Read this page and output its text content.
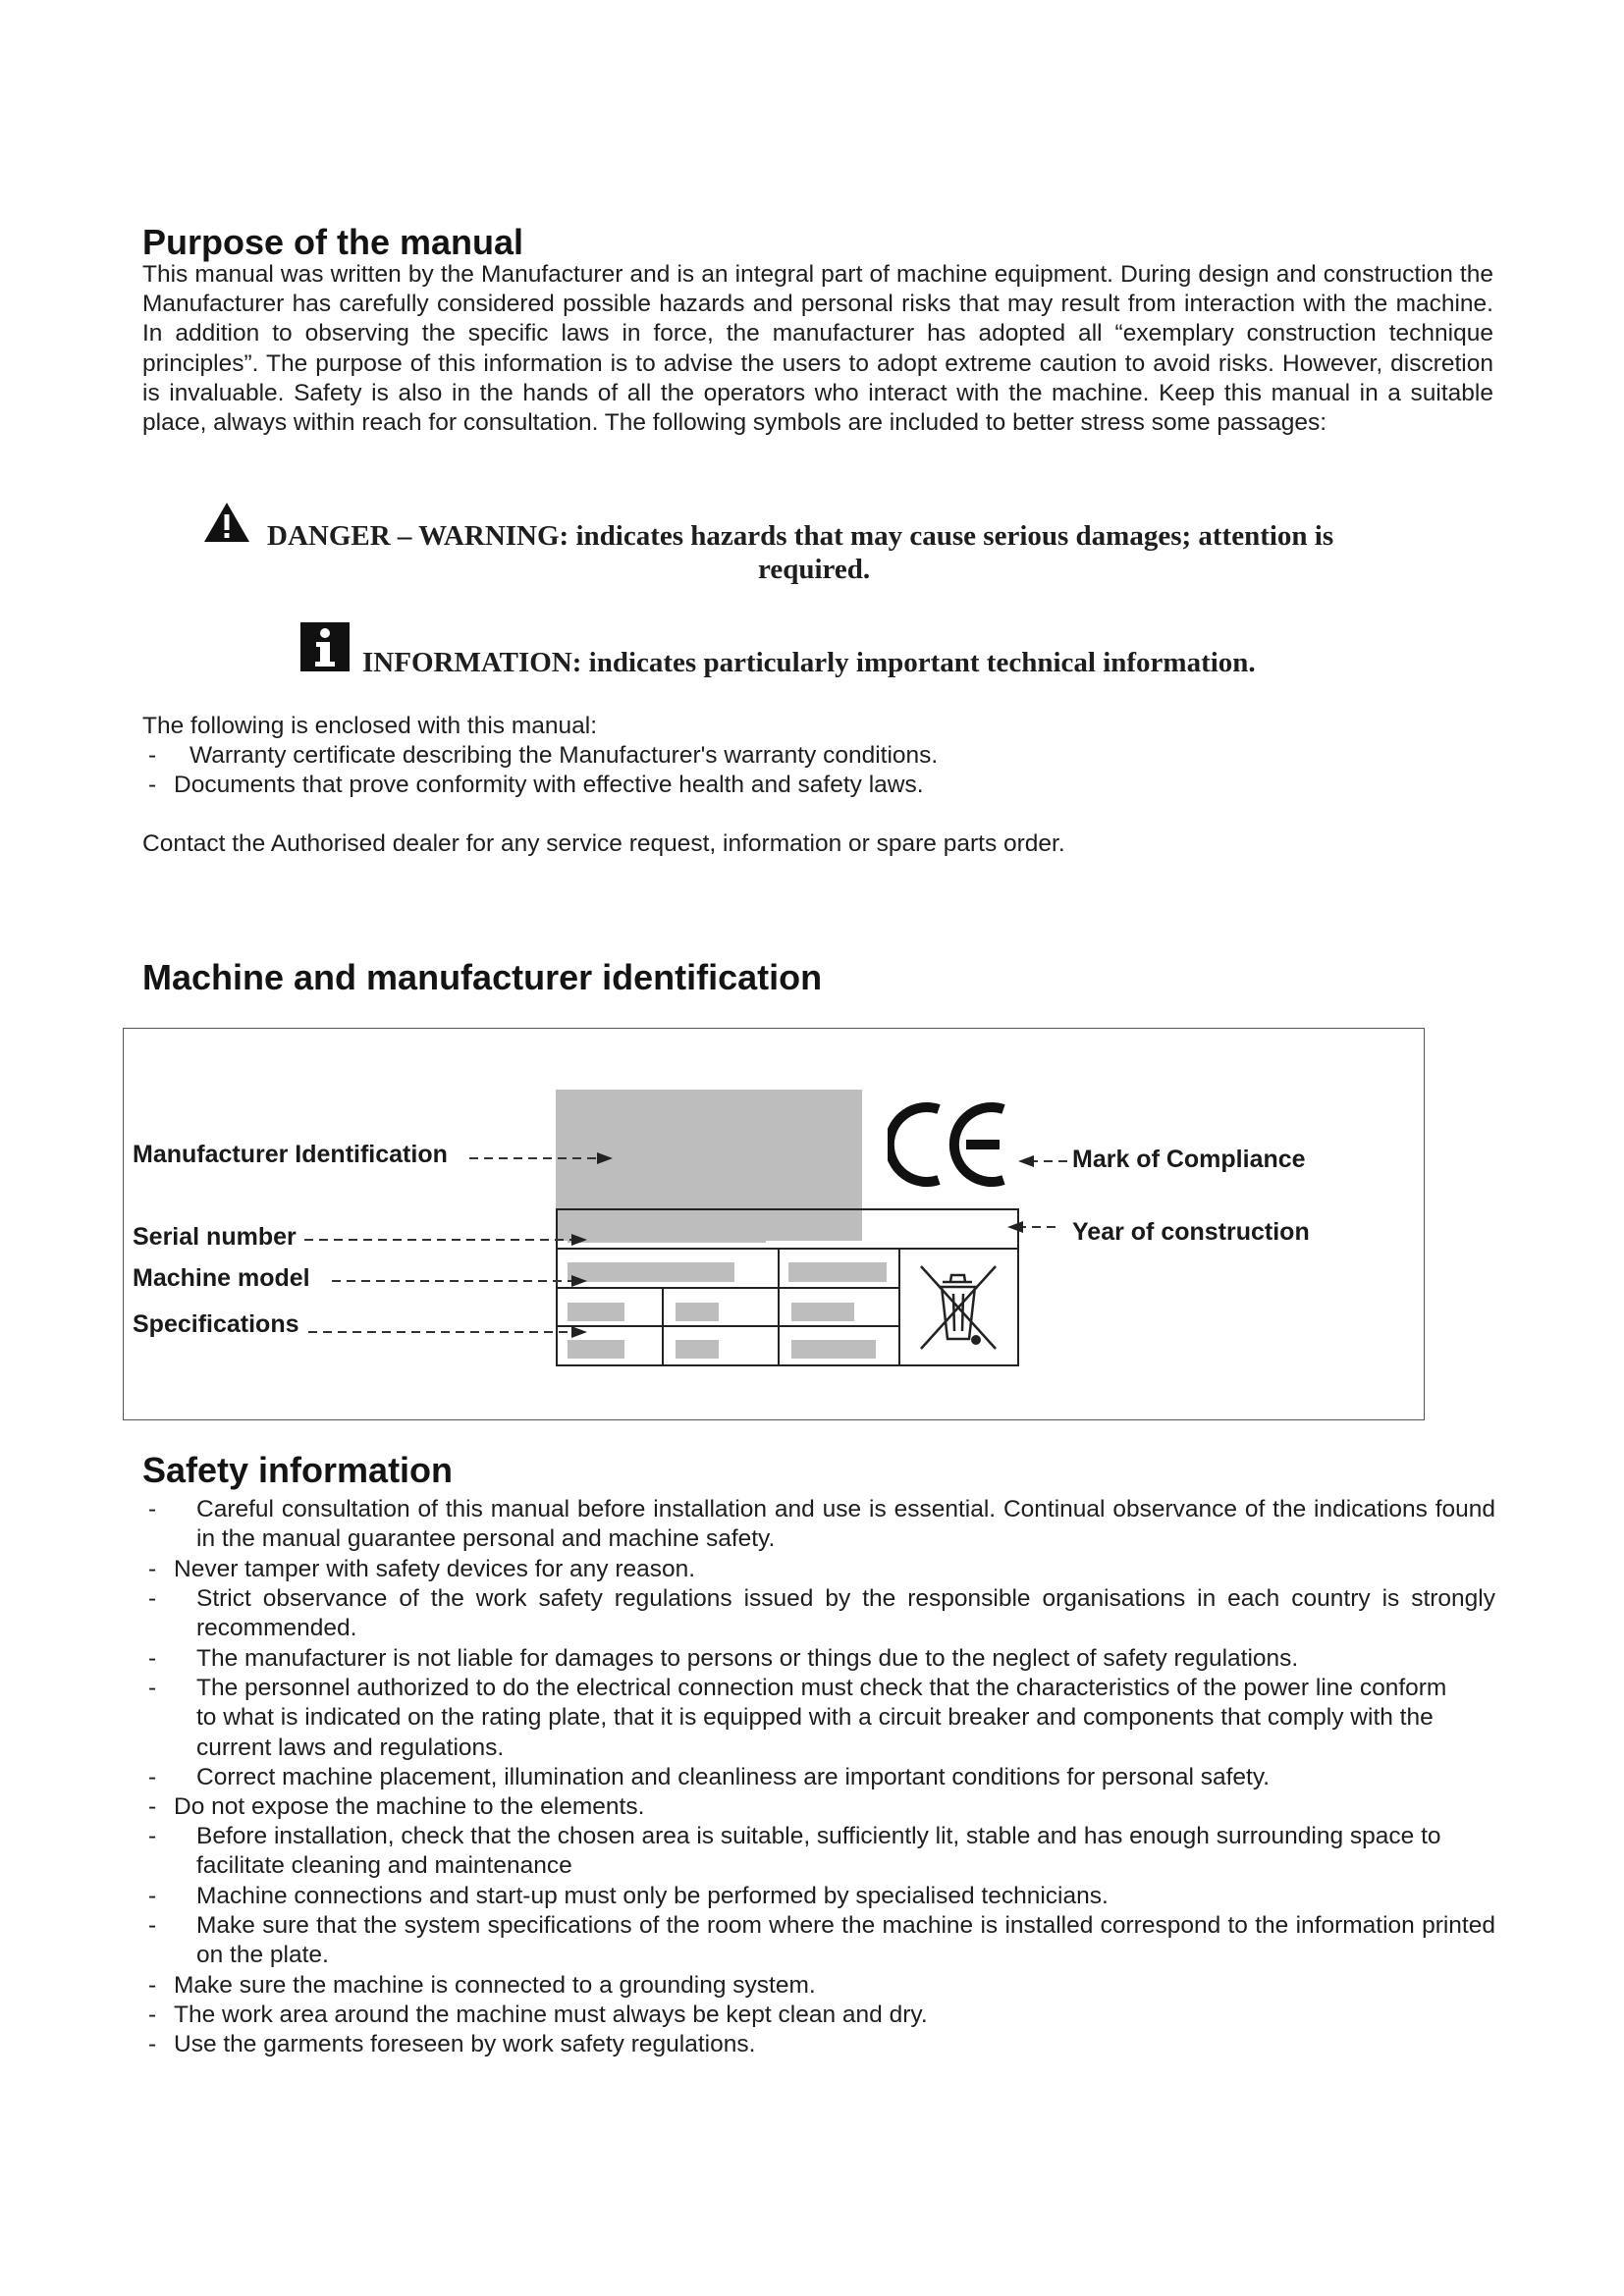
Purpose of the manual

This manual was written by the Manufacturer and is an integral part of machine equipment. During design and construction the Manufacturer has carefully considered possible hazards and personal risks that may result from interaction with the machine. In addition to observing the specific laws in force, the manufacturer has adopted all “exemplary construction technique principles”. The purpose of this information is to advise the users to adopt extreme caution to avoid risks. However, discretion is invaluable. Safety is also in the hands of all the operators who interact with the machine. Keep this manual in a suitable place, always within reach for consultation. The following symbols are included to better stress some passages:

DANGER – WARNING: indicates hazards that may cause serious damages; attention is
required.
INFORMATION: indicates particularly important technical information.

The following is enclosed with this manual:

- Warranty certificate describing the Manufacturer's warranty conditions.
- Documents that prove conformity with effective health and safety laws.

Contact the Authorised dealer for any service request, information or spare parts order.

Machine and manufacturer identification
Manufacturer Identification
Serial number
Machine model
Specifications
Mark of Compliance
Year of construction
Safety information
- Careful consultation of this manual before installation and use is essential. Continual observance of the indications found in the manual guarantee personal and machine safety.
- Never tamper with safety devices for any reason.
- Strict observance of the work safety regulations issued by the responsible organisations in each country is strongly recommended.
- The manufacturer is not liable for damages to persons or things due to the neglect of safety regulations.
- The personnel authorized to do the electrical connection must check that the characteristics of the power line conform to what is indicated on the rating plate, that it is equipped with a circuit breaker and components that comply with the current laws and regulations.
- Correct machine placement, illumination and cleanliness are important conditions for personal safety.
- Do not expose the machine to the elements.
- Before installation, check that the chosen area is suitable, sufficiently lit, stable and has enough surrounding space to facilitate cleaning and maintenance
- Machine connections and start-up must only be performed by specialised technicians.
- Make sure that the system specifications of the room where the machine is installed correspond to the information printed on the plate.
- Make sure the machine is connected to a grounding system.
- The work area around the machine must always be kept clean and dry.
- Use the garments foreseen by work safety regulations.
